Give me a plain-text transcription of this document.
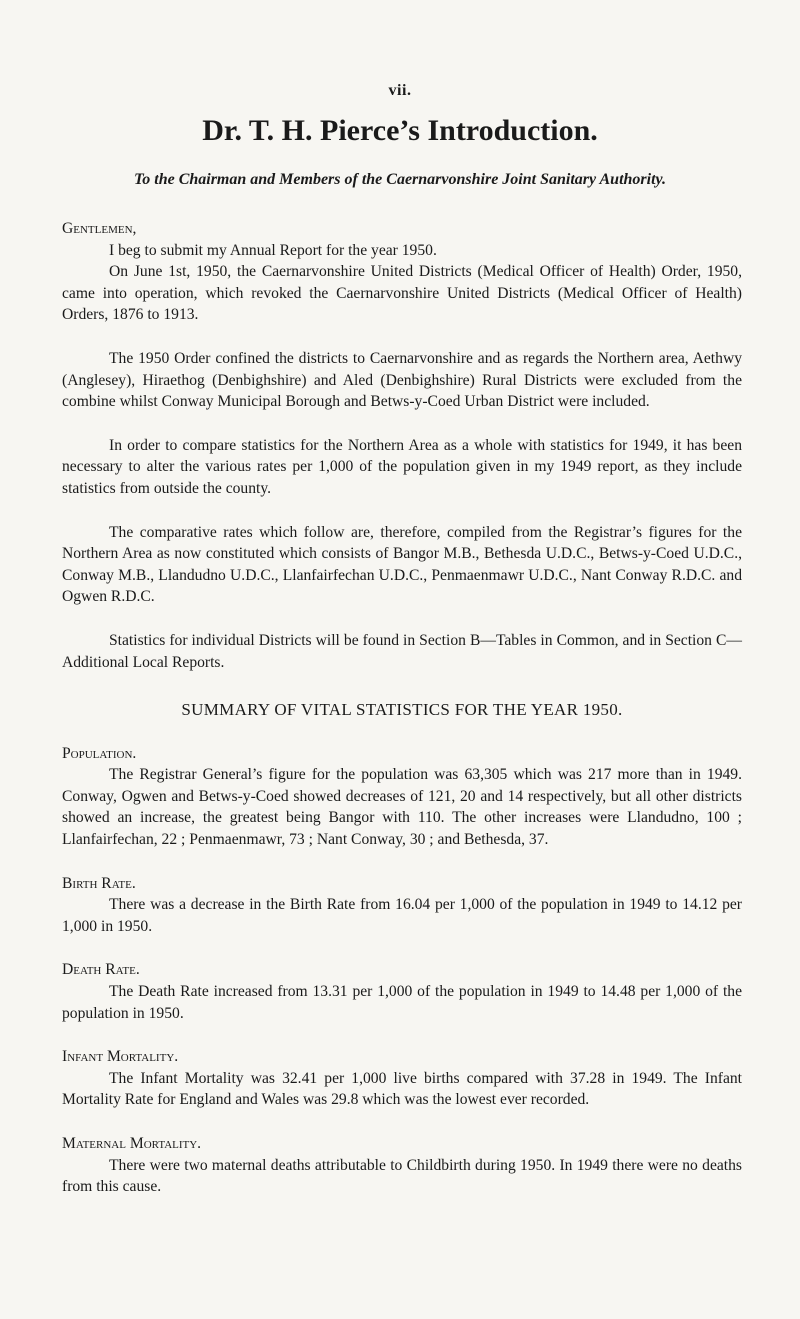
vii.
Dr. T. H. Pierce’s Introduction.
To the Chairman and Members of the Caernarvonshire Joint Sanitary Authority.

Gentlemen,

I beg to submit my Annual Report for the year 1950.

On June 1st, 1950, the Caernarvonshire United Districts (Medical Officer of Health) Order, 1950, came into operation, which revoked the Caernarvonshire United Districts (Medical Officer of Health) Orders, 1876 to 1913.

The 1950 Order confined the districts to Caernarvonshire and as regards the Northern area, Aethwy (Anglesey), Hiraethog (Denbighshire) and Aled (Denbighshire) Rural Districts were excluded from the combine whilst Conway Municipal Borough and Betws-y-Coed Urban District were included.

In order to compare statistics for the Northern Area as a whole with statistics for 1949, it has been necessary to alter the various rates per 1,000 of the population given in my 1949 report, as they include statistics from outside the county.

The comparative rates which follow are, therefore, compiled from the Registrar’s figures for the Northern Area as now constituted which consists of Bangor M.B., Bethesda U.D.C., Betws-y-Coed U.D.C., Conway M.B., Llandudno U.D.C., Llanfairfechan U.D.C., Penmaenmawr U.D.C., Nant Conway R.D.C. and Ogwen R.D.C.

Statistics for individual Districts will be found in Section B—Tables in Common, and in Section C—Additional Local Reports.

SUMMARY OF VITAL STATISTICS FOR THE YEAR 1950.

Population.

The Registrar General’s figure for the population was 63,305 which was 217 more than in 1949. Conway, Ogwen and Betws-y-Coed showed decreases of 121, 20 and 14 respectively, but all other districts showed an increase, the greatest being Bangor with 110. The other increases were Llandudno, 100 ; Llanfairfechan, 22 ; Penmaenmawr, 73 ; Nant Conway, 30 ; and Bethesda, 37.

Birth Rate.

There was a decrease in the Birth Rate from 16.04 per 1,000 of the population in 1949 to 14.12 per 1,000 in 1950.

Death Rate.

The Death Rate increased from 13.31 per 1,000 of the population in 1949 to 14.48 per 1,000 of the population in 1950.

Infant Mortality.

The Infant Mortality was 32.41 per 1,000 live births compared with 37.28 in 1949. The Infant Mortality Rate for England and Wales was 29.8 which was the lowest ever recorded.

Maternal Mortality.

There were two maternal deaths attributable to Childbirth during 1950. In 1949 there were no deaths from this cause.
